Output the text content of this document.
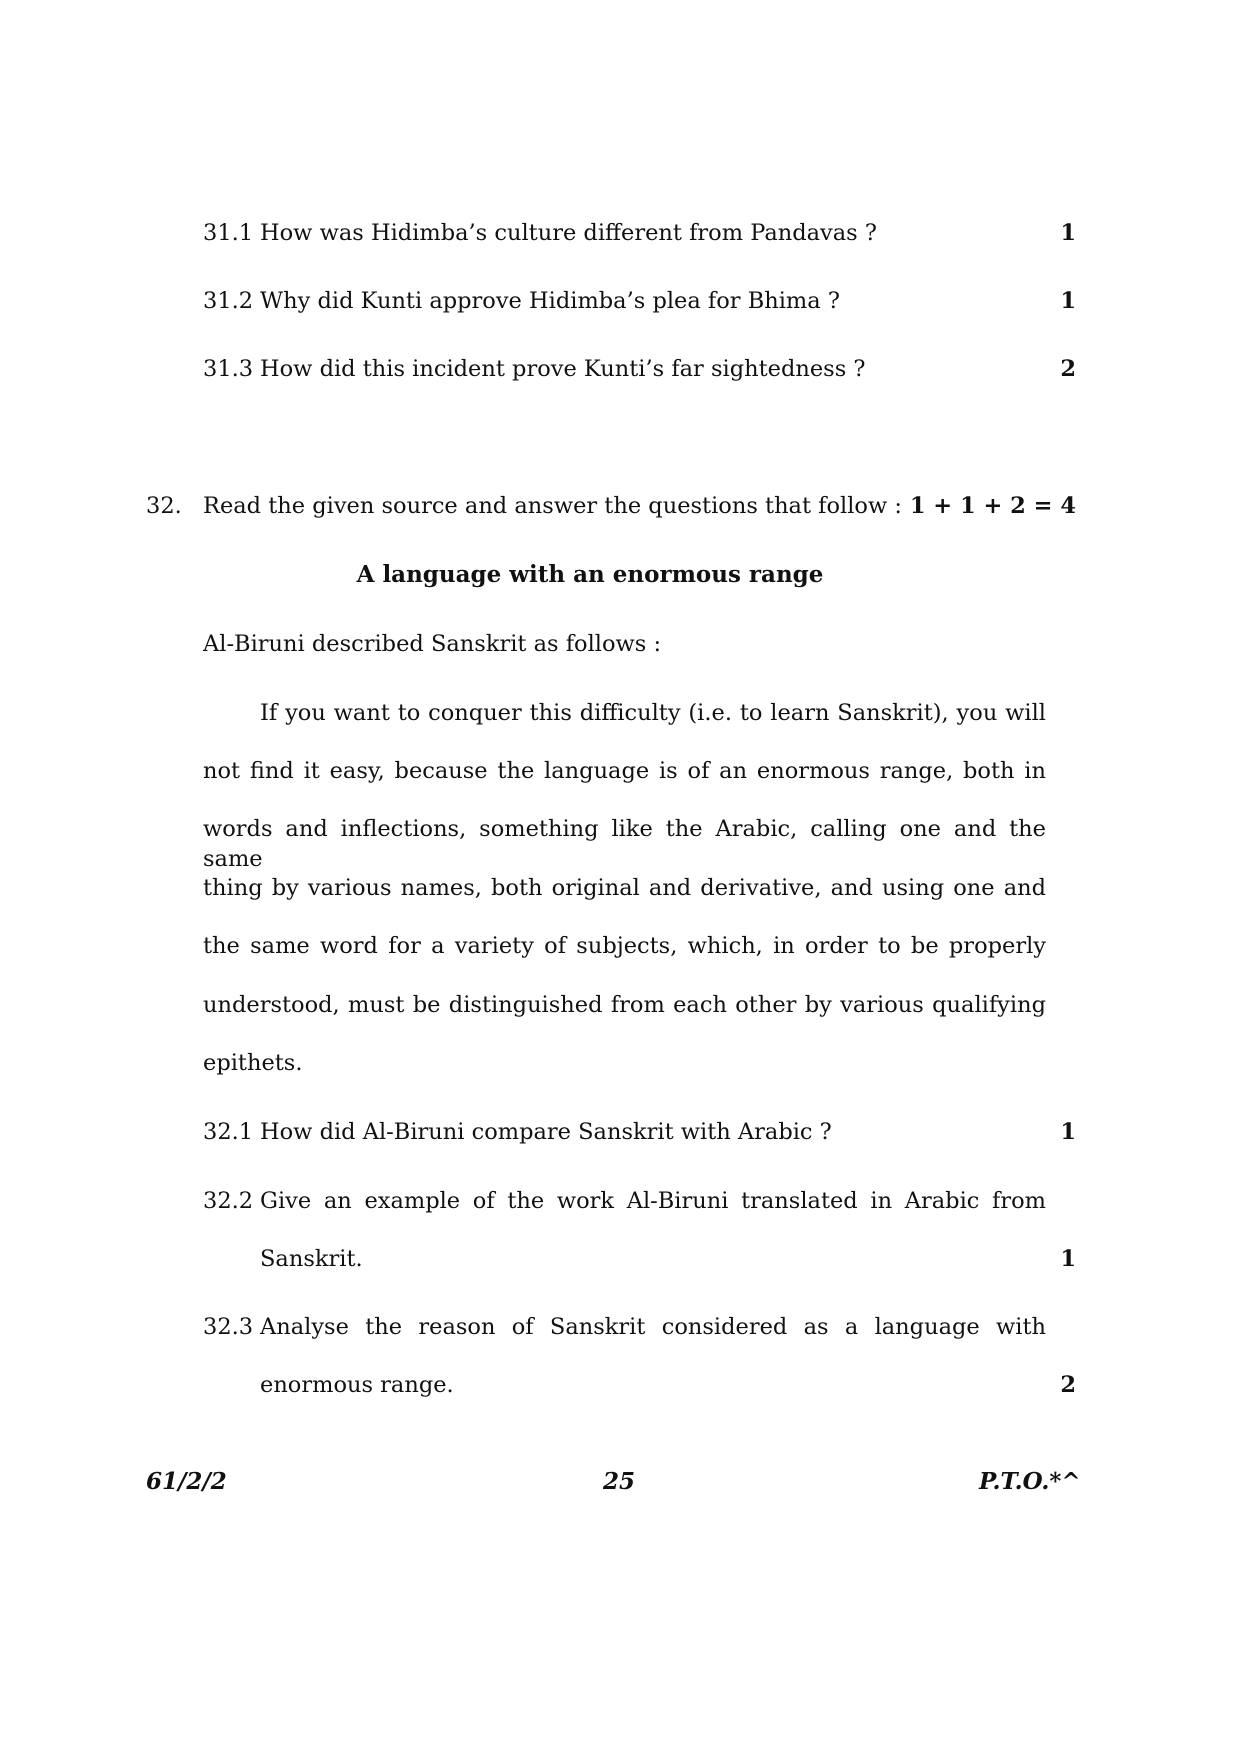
31.1 How was Hidimba’s culture different from Pandavas ?	1
31.2 Why did Kunti approve Hidimba’s plea for Bhima ?	1
31.3 How did this incident prove Kunti’s far sightedness ?	2
32. Read the given source and answer the questions that follow : 1 + 1 + 2 = 4
A language with an enormous range
Al-Biruni described Sanskrit as follows :
If you want to conquer this difficulty (i.e. to learn Sanskrit), you will
not find it easy, because the language is of an enormous range, both in
words and inflections, something like the Arabic, calling one and the same
thing by various names, both original and derivative, and using one and
the same word for a variety of subjects, which, in order to be properly
understood, must be distinguished from each other by various qualifying
epithets.
32.1 How did Al-Biruni compare Sanskrit with Arabic ?	1
32.2 Give an example of the work Al-Biruni translated in Arabic from
Sanskrit.	1
32.3 Analyse the reason of Sanskrit considered as a language with
enormous range.	2
61/2/2	25	P.T.O.*^
